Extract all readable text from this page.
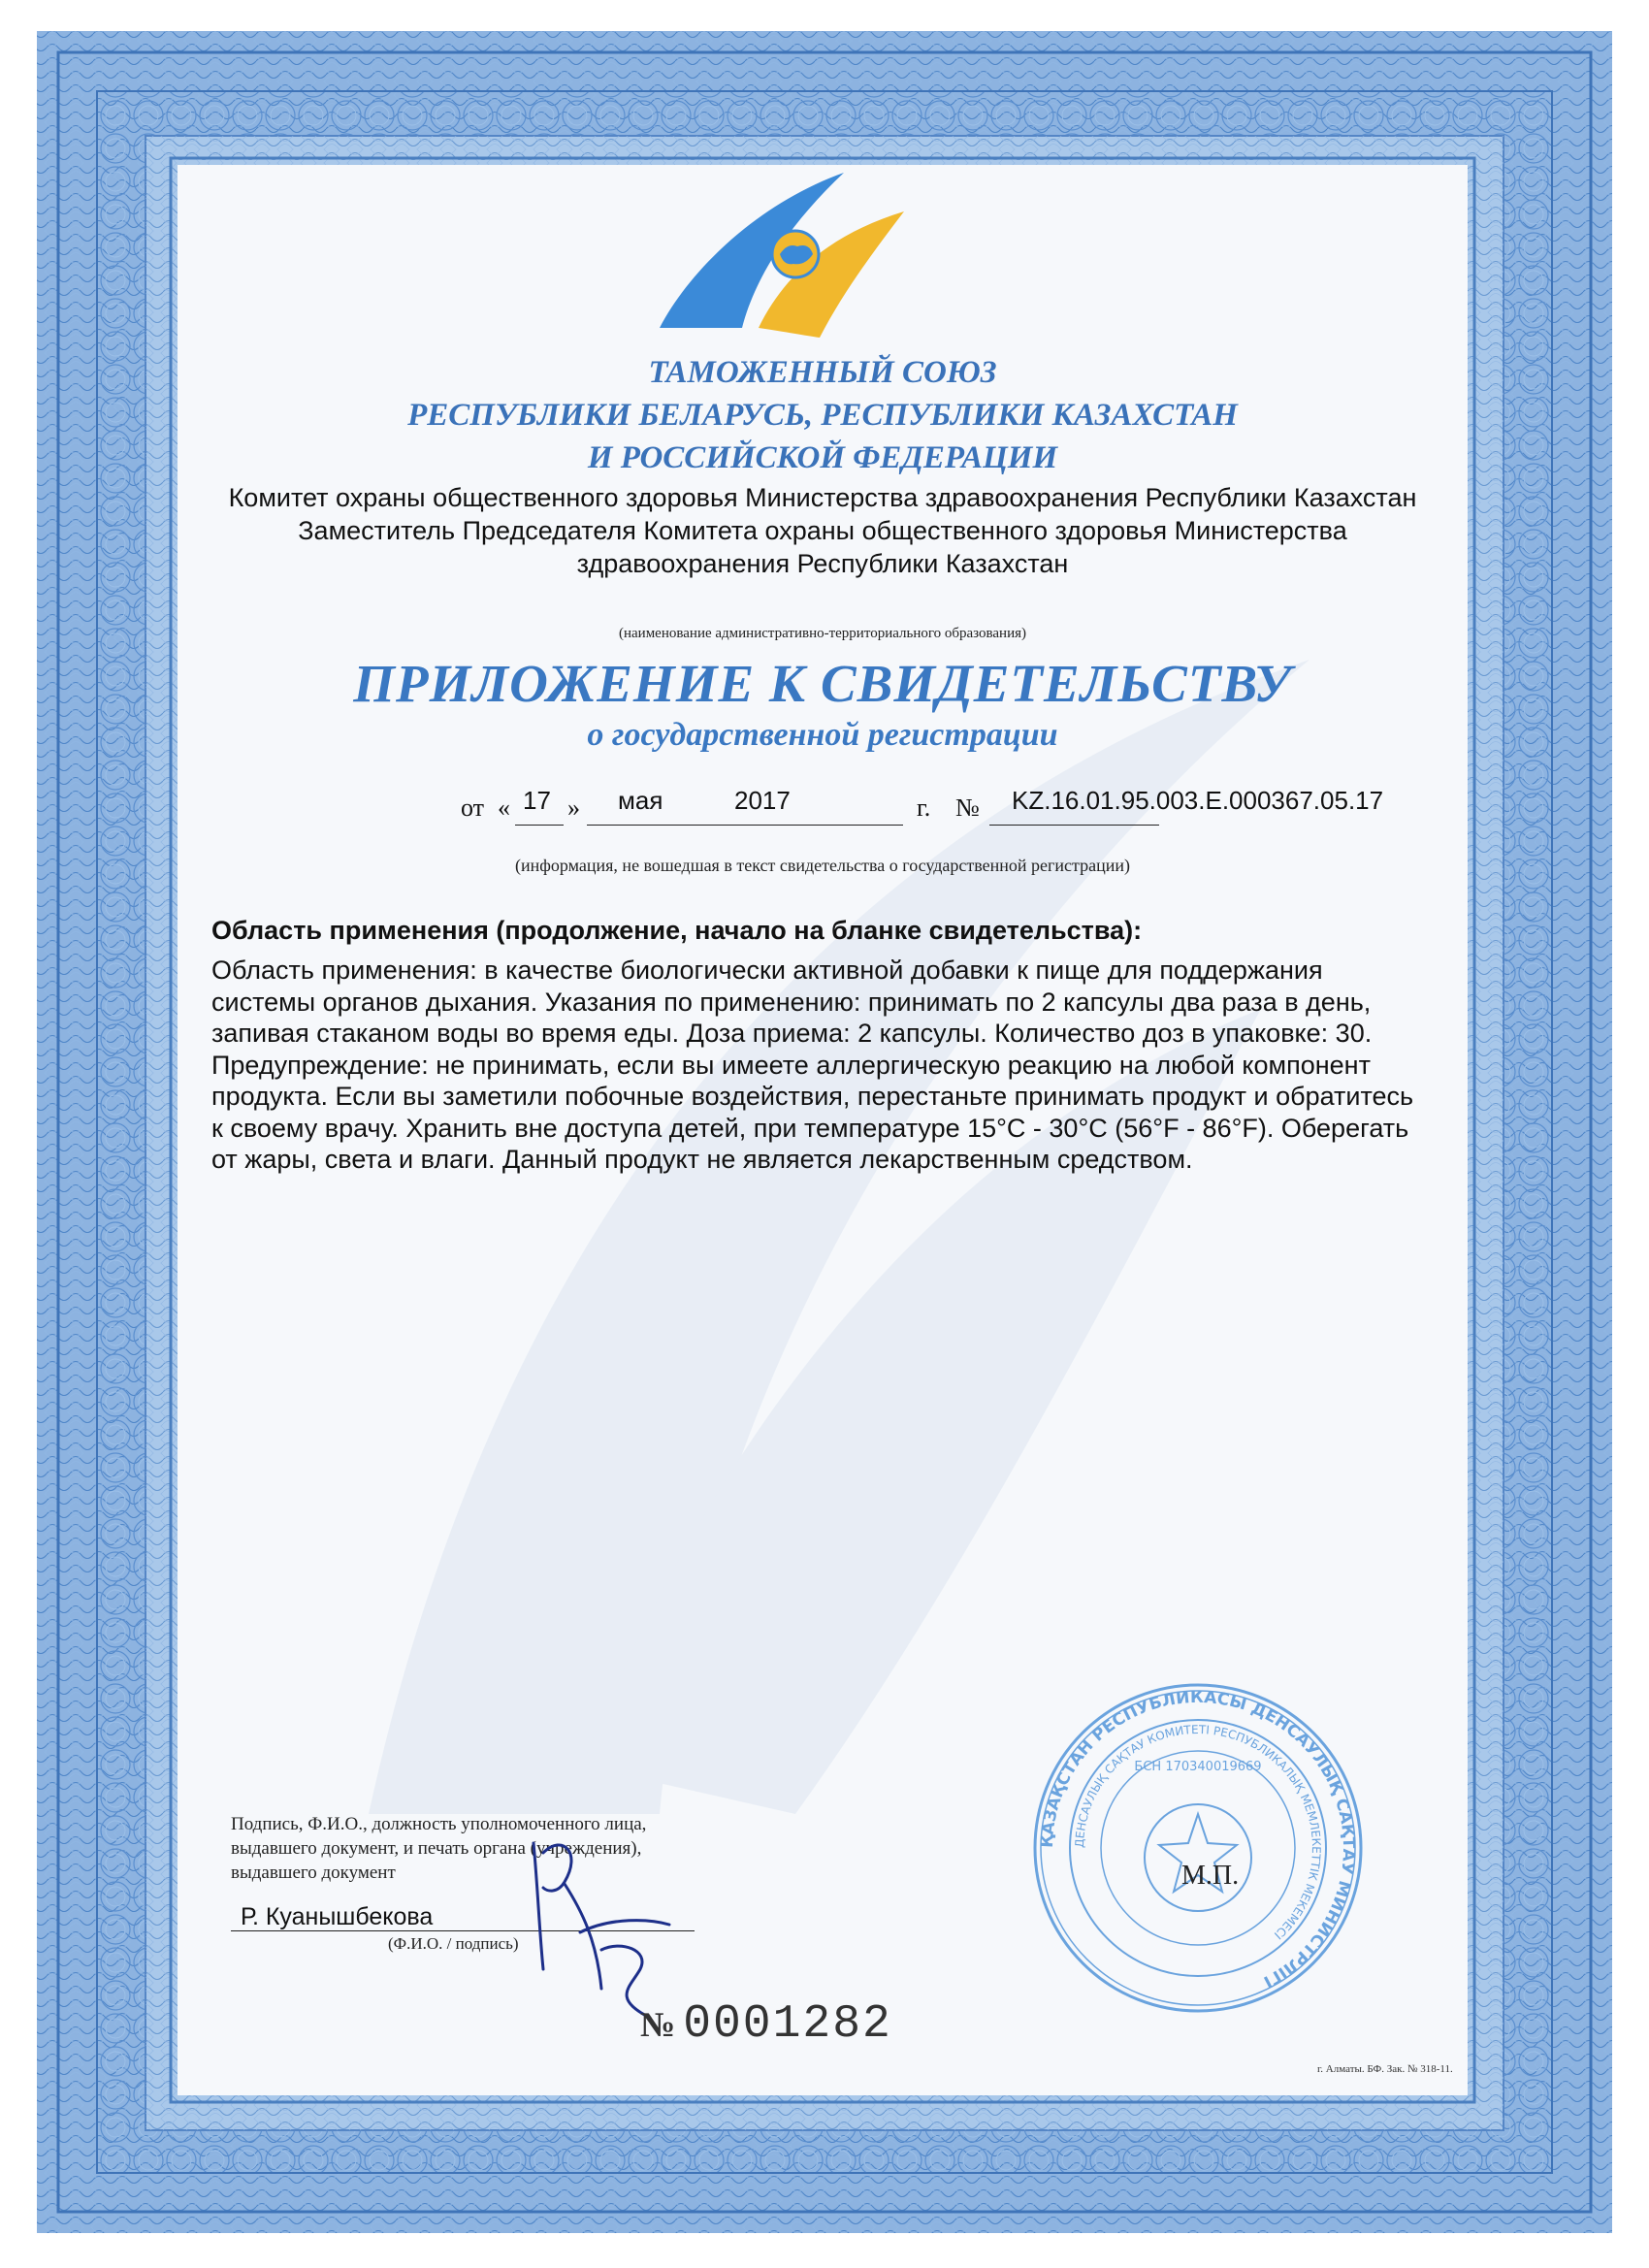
ТАМОЖЕННЫЙ СОЮЗ
РЕСПУБЛИКИ БЕЛАРУСЬ, РЕСПУБЛИКИ КАЗАХСТАН
И РОССИЙСКОЙ ФЕДЕРАЦИИ
Комитет охраны общественного здоровья Министерства здравоохранения Республики Казахстан
Заместитель Председателя Комитета охраны общественного здоровья Министерства
здравоохранения Республики Казахстан
(наименование административно-территориального образования)
ПРИЛОЖЕНИЕ К СВИДЕТЕЛЬСТВУ
о государственной регистрации
от « 17 » мая	2017	г. № KZ.16.01.95.003.E.000367.05.17
(информация, не вошедшая в текст свидетельства о государственной регистрации)
Область применения (продолжение, начало на бланке свидетельства):
Область применения: в качестве биологически активной добавки к пище для поддержания
системы органов дыхания. Указания по применению: принимать по 2 капсулы два раза в день,
запивая стаканом воды во время еды. Доза приема: 2 капсулы. Количество доз в упаковке: 30.
Предупреждение: не принимать, если вы имеете аллергическую реакцию на любой компонент
продукта. Если вы заметили побочные воздействия, перестаньте принимать продукт и обратитесь
к своему врачу. Хранить вне доступа детей, при температуре 15°C - 30°C (56°F - 86°F). Оберегать
от жары, света и влаги. Данный продукт не является лекарственным средством.
Подпись, Ф.И.О., должность уполномоченного лица,
выдавшего документ, и печать органа (учреждения),
выдавшего документ
Р. Куанышбекова
(Ф.И.О. / подпись)
ҚАЗАҚСТАН РЕСПУБЛИКАСЫ ДЕНСАУЛЫҚ САҚТАУ МИНИСТРЛІГІ
ДЕНСАУЛЫҚ САҚТАУ КОМИТЕТІ РЕСПУБЛИКАЛЫҚ МЕМЛЕКЕТТІК МЕКЕМЕСІ
БСН 170340019669
М.П.
№ 0001282
г. Алматы. БФ. Зак. № 318-11.
